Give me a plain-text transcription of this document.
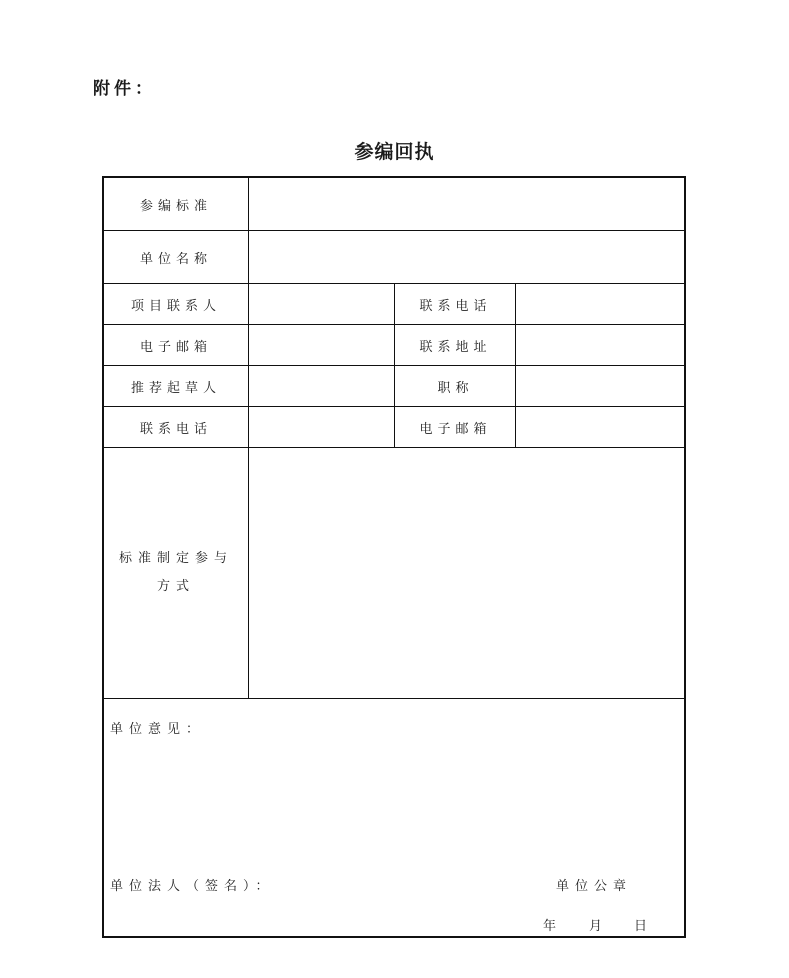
附件：
参编回执
参编标准
单位名称
项目联系人	联系电话
电子邮箱	联系地址
推荐起草人	职称
联系电话	电子邮箱
标准制定参与
方式
单位意见：
单位法人（签名）：	单位公章
年 月 日
